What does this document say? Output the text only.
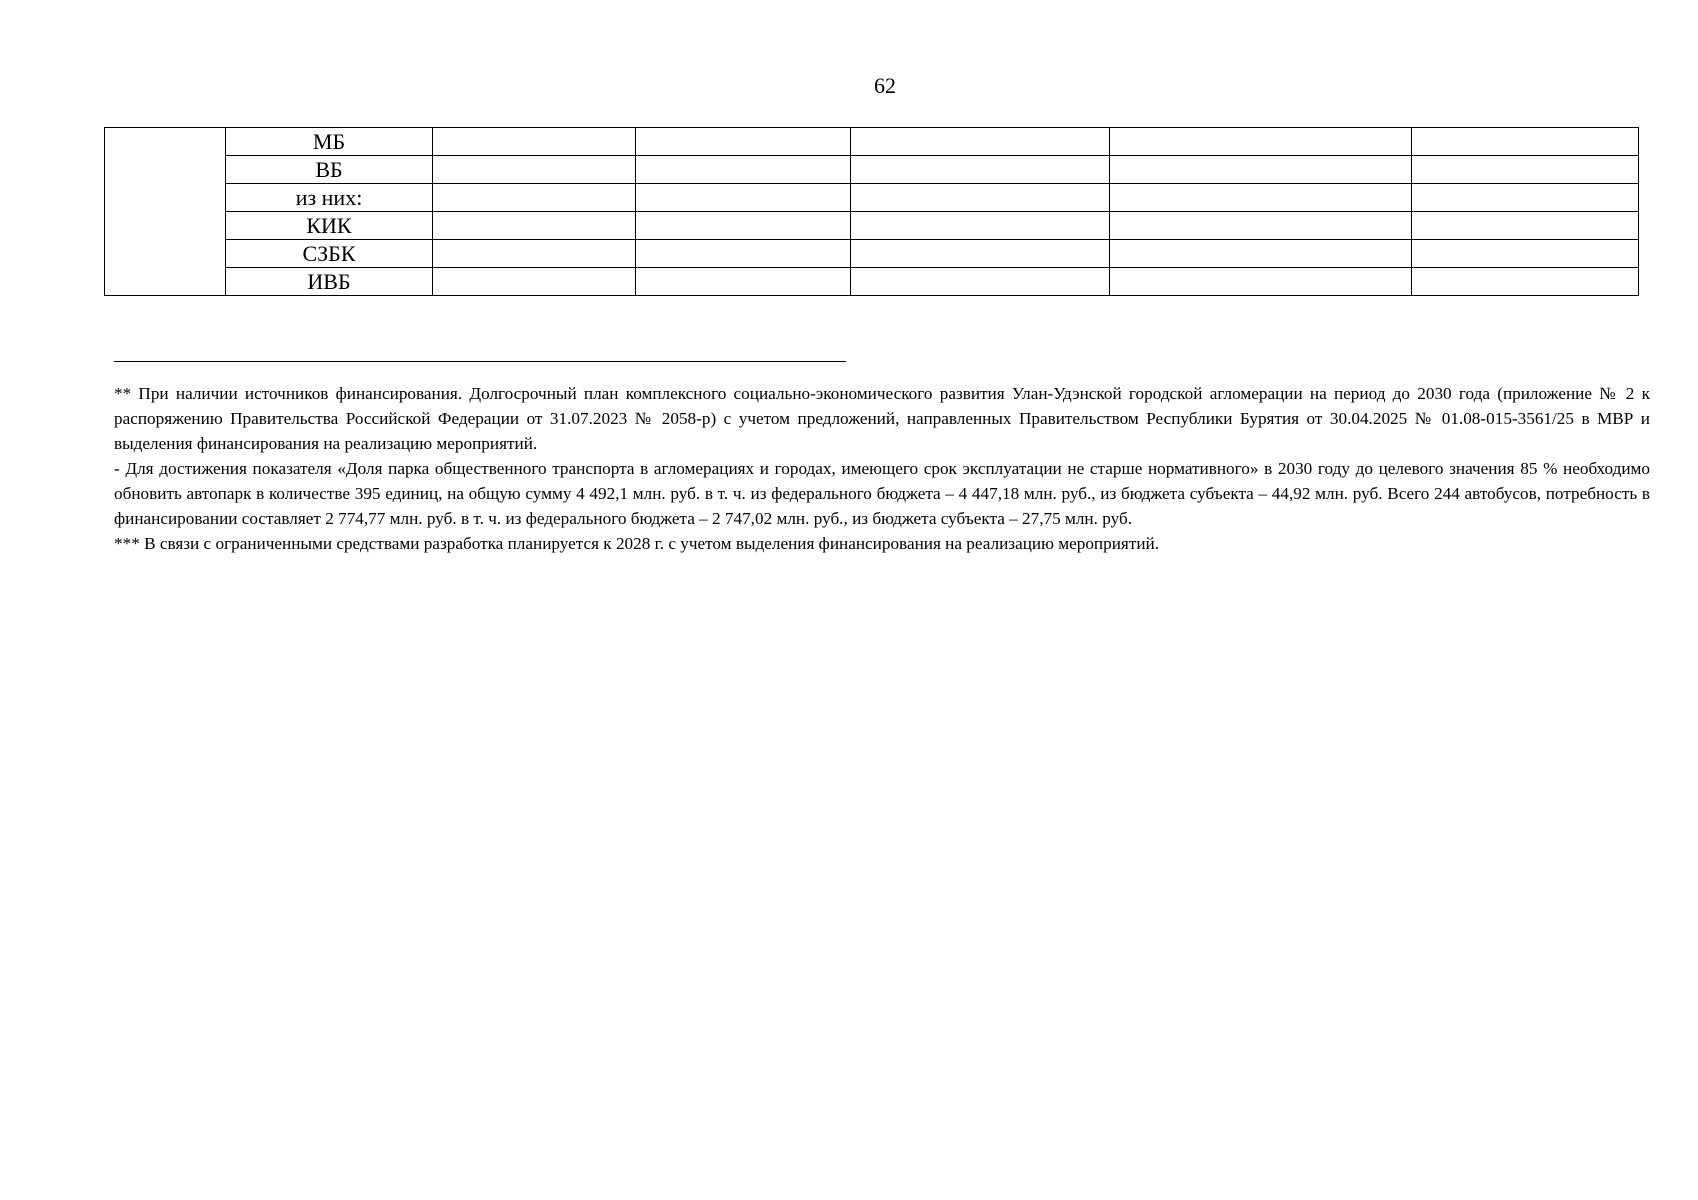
62
	МБ					
	ВБ					
	из них:					
	КИК					
	СЗБК					
	ИВБ					

** При наличии источников финансирования. Долгосрочный план комплексного социально-экономического развития Улан-Удэнской городской агломерации на период до 2030 года (приложение № 2 к распоряжению Правительства Российской Федерации от 31.07.2023 № 2058-р) с учетом предложений, направленных Правительством Республики Бурятия от 30.04.2025 № 01.08-015-3561/25 в МВР и выделения финансирования на реализацию мероприятий.

- Для достижения показателя «Доля парка общественного транспорта в агломерациях и городах, имеющего срок эксплуатации не старше нормативного» в 2030 году до целевого значения 85 % необходимо обновить автопарк в количестве 395 единиц, на общую сумму 4 492,1 млн. руб. в т. ч. из федерального бюджета – 4 447,18 млн. руб., из бюджета субъекта – 44,92 млн. руб. Всего 244 автобусов, потребность в финансировании составляет 2 774,77 млн. руб. в т. ч. из федерального бюджета – 2 747,02 млн. руб., из бюджета субъекта – 27,75 млн. руб.

*** В связи с ограниченными средствами разработка планируется к 2028 г. с учетом выделения финансирования на реализацию мероприятий.
